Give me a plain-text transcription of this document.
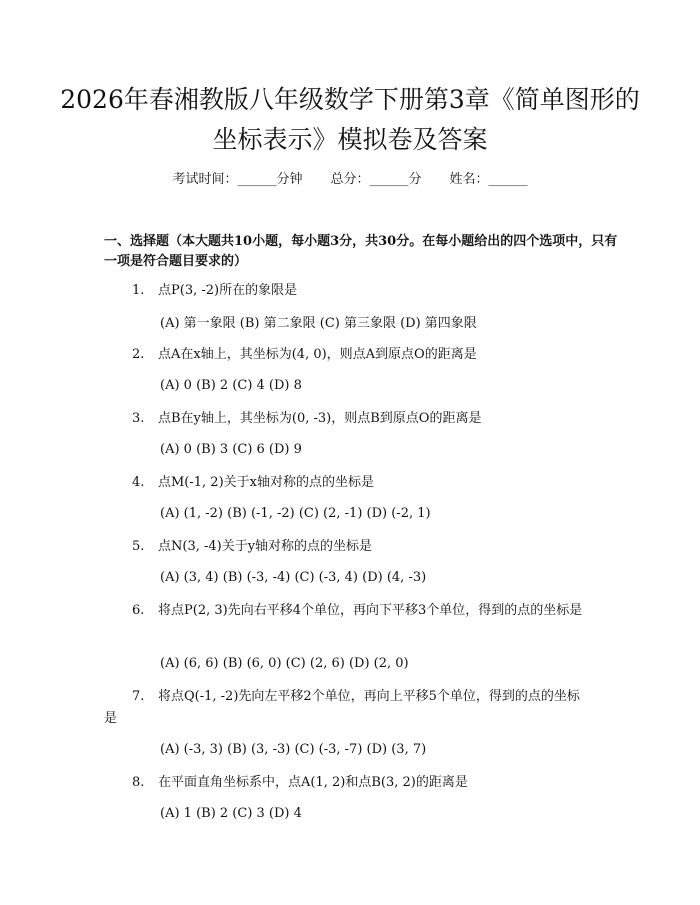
2026年春湘教版八年级数学下册第3章《简单图形的坐标表示》模拟卷及答案
考试时间：______分钟 总分：______分 姓名：______
一、选择题（本大题共10小题，每小题3分，共30分。在每小题给出的四个选项中，只有一项是符合题目要求的）
1. 点P(3, -2)所在的象限是
(A) 第一象限 (B) 第二象限 (C) 第三象限 (D) 第四象限
2. 点A在x轴上，其坐标为(4, 0)，则点A到原点O的距离是
(A) 0 (B) 2 (C) 4 (D) 8
3. 点B在y轴上，其坐标为(0, -3)，则点B到原点O的距离是
(A) 0 (B) 3 (C) 6 (D) 9
4. 点M(-1, 2)关于x轴对称的点的坐标是
(A) (1, -2) (B) (-1, -2) (C) (2, -1) (D) (-2, 1)
5. 点N(3, -4)关于y轴对称的点的坐标是
(A) (3, 4) (B) (-3, -4) (C) (-3, 4) (D) (4, -3)
6. 将点P(2, 3)先向右平移4个单位，再向下平移3个单位，得到的点的坐标是
(A) (6, 6) (B) (6, 0) (C) (2, 6) (D) (2, 0)
7. 将点Q(-1, -2)先向左平移2个单位，再向上平移5个单位，得到的点的坐标是
(A) (-3, 3) (B) (3, -3) (C) (-3, -7) (D) (3, 7)
8. 在平面直角坐标系中，点A(1, 2)和点B(3, 2)的距离是
(A) 1 (B) 2 (C) 3 (D) 4
